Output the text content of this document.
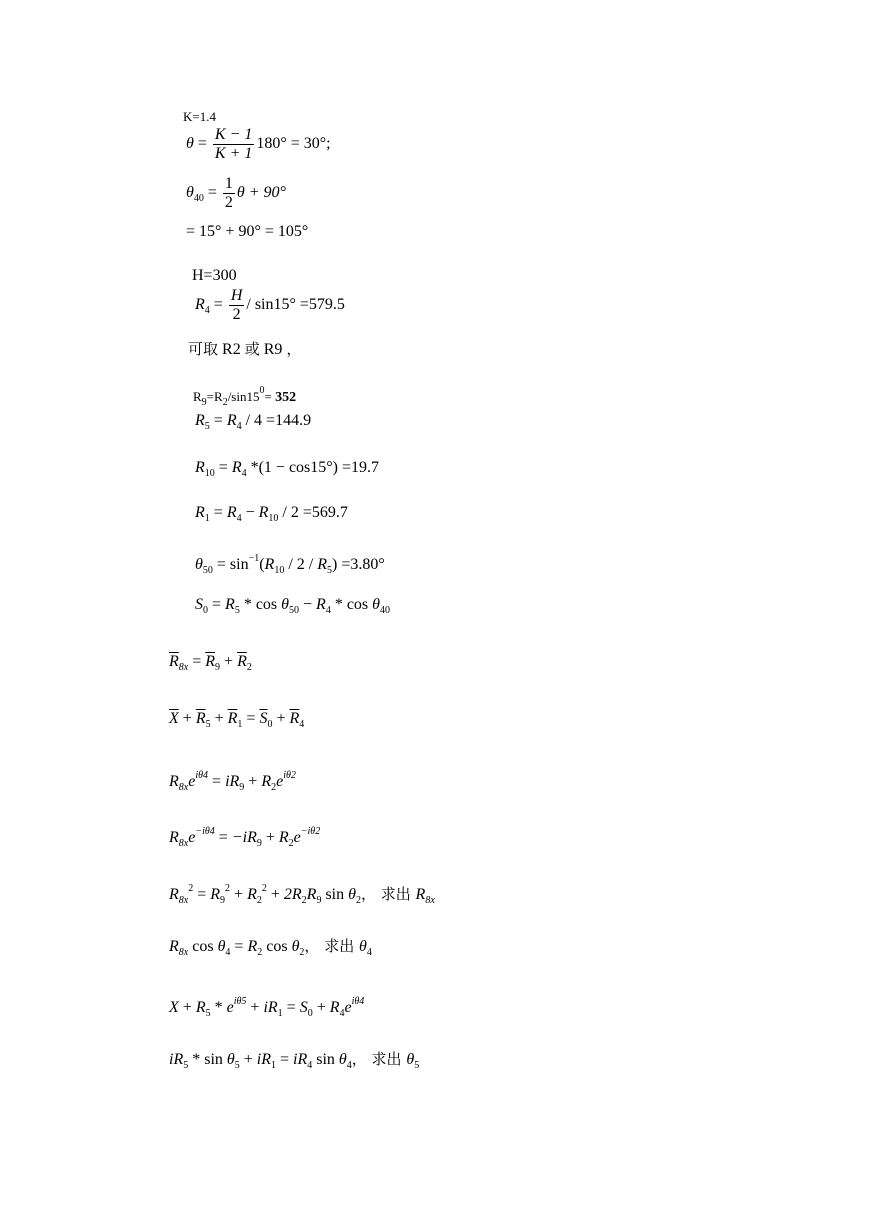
K=1.4
$\theta = \frac{K - 1}{K + 1} 180^\circ = 30^\circ$;
$\theta_{40} = \frac{1}{2}$ θ + 90°
= 15° + 90° = 105°
H=300
$R_4 = \frac{H}{2} / \sin 15^\circ =579.5$
可取 R2 或 R9 ，
$R_9=R_2/\sin 15^0= 352$
$R_5 = R_4 / 4 =144.9$
$R_{10} = R_4$ *(1 − cos15°) =19.7
$R_1 = R_4 - R_{10} / 2 =569.7$
$\theta_{50} = \sin^{-1}(R_{10} / 2 / R_5) =3.80^\circ$
$S_0 = R_5 * \cos \theta_{50} - R_4 * \cos \theta_{40}$
$\overline{R}_{8x} = \overline{R}_9 + \overline{R}_2$
$\overline{X} + \overline{R}_5 + \overline{R}_1 = \overline{S}_0 + \overline{R}_4$
$R_{8x}e^{i\theta 4} = iR_9 + R_2e^{i\theta 2}$
$R_{8x}e^{-i\theta 4} = -iR_9 + R_2e^{-i\theta 2}$
$R_{8x}^2 = R_9^2 + R_2^2 + 2R_2R_9$ $\sin \theta_2$， 求出 $R_{8x}$
$R_{8x}$ $\cos \theta_4 = R_2$ $\cos \theta_2$， 求出 $\theta_4$
$X + R_5 * e^{i\theta 5} + iR_1 = S_0 + R_4e^{i\theta 4}$
$iR_5 * \sin \theta_5 + iR_1 = iR_4$ $\sin \theta_4$， 求出 $\theta_5$
